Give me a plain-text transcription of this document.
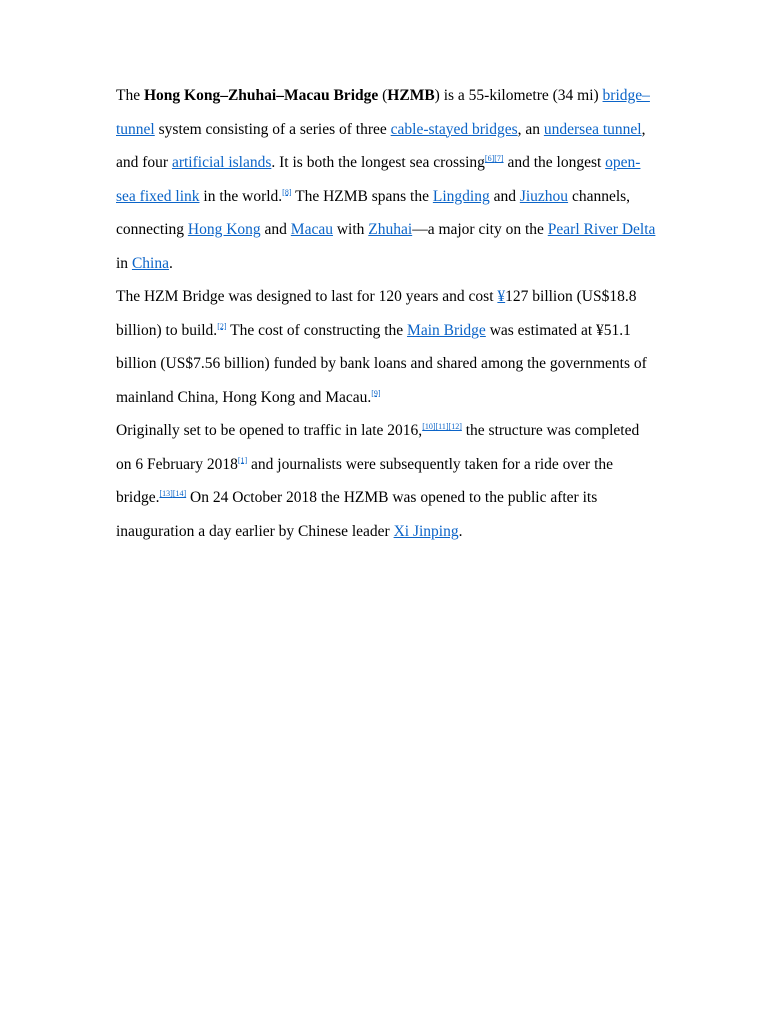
The Hong Kong–Zhuhai–Macau Bridge (HZMB) is a 55-kilometre (34 mi) bridge–tunnel system consisting of a series of three cable-stayed bridges, an undersea tunnel, and four artificial islands. It is both the longest sea crossing[6][7] and the longest open-sea fixed link in the world.[8] The HZMB spans the Lingding and Jiuzhou channels, connecting Hong Kong and Macau with Zhuhai—a major city on the Pearl River Delta in China.

The HZM Bridge was designed to last for 120 years and cost ¥127 billion (US$18.8 billion) to build.[2] The cost of constructing the Main Bridge was estimated at ¥51.1 billion (US$7.56 billion) funded by bank loans and shared among the governments of mainland China, Hong Kong and Macau.[9]

Originally set to be opened to traffic in late 2016,[10][11][12] the structure was completed on 6 February 2018[1] and journalists were subsequently taken for a ride over the bridge.[13][14] On 24 October 2018 the HZMB was opened to the public after its inauguration a day earlier by Chinese leader Xi Jinping.
